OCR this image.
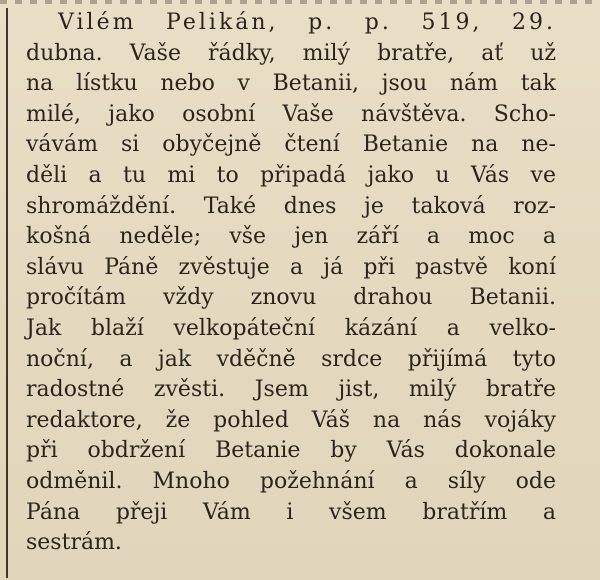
Vilém Pelikán, p. p. 519, 29.
dubna. Vaše řádky, milý bratře, ať už
na lístku nebo v Betanii, jsou nám tak
milé, jako osobní Vaše návštěva. Scho-
vávám si obyčejně čtení Betanie na ne-
děli a tu mi to připadá jako u Vás ve
shromáždění. Také dnes je taková roz-
košná neděle; vše jen září a moc a
slávu Páně zvěstuje a já při pastvě koní
pročítám vždy znovu drahou Betanii.
Jak blaží velkopáteční kázání a velko-
noční, a jak vděčně srdce přijímá tyto
radostné zvěsti. Jsem jist, milý bratře
redaktore, že pohled Váš na nás vojáky
při obdržení Betanie by Vás dokonale
odměnil. Mnoho požehnání a síly ode
Pána přeji Vám i všem bratřím a
sestrám.
